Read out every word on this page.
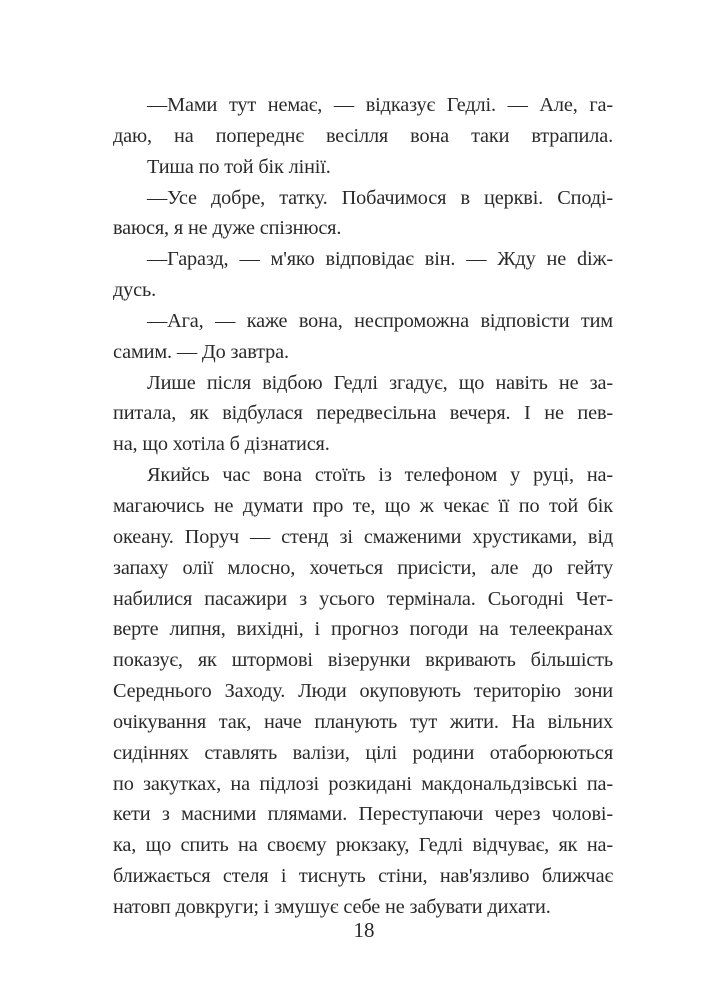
—Мами тут немає, — відказує Гедлі. — Але, га-
даю, на попереднє весілля вона таки втрапила.
Тиша по той бік лінії.
—Усе добре, татку. Побачимося в церкві. Сподi-
ваюся, я не дуже спізнюся.
—Гаразд, — м'яко відповідає він. — Жду не diж-
дусь.
—Ага, — каже вона, неспроможна відповісти тим
самим. — До завтра.
Лише після відбою Гедлі згадує, що навіть не за-
питала, як відбулася передвесільна вечеря. І не пев-
на, що хотіла б дізнатися.
Якийсь час вона стоїть із телефоном у руці, на-
магаючись не думати про те, що ж чекає її по той бік
океану. Поруч — стенд зі смаженими хрустиками, від
запаху олії млосно, хочеться присісти, але до гейту
набилися пасажири з усього термінала. Сьогодні Чет-
верте липня, вихідні, і прогноз погоди на телеекранах
показує, як штормові візерунки вкривають більшість
Середнього Заходу. Люди окуповують територію зони
очікування так, наче планують тут жити. На вільних
сидіннях ставлять валізи, цілі родини отаборюються
по закутках, на підлозі розкидані макдональдзівські па-
кети з масними плямами. Переступаючи через чолові-
ка, що спить на своєму рюкзаку, Гедлі відчуває, як на-
ближається стеля і тиснуть стіни, нав'язливо ближчає
натовп довкруги; і змушує себе не забувати дихати.
18
